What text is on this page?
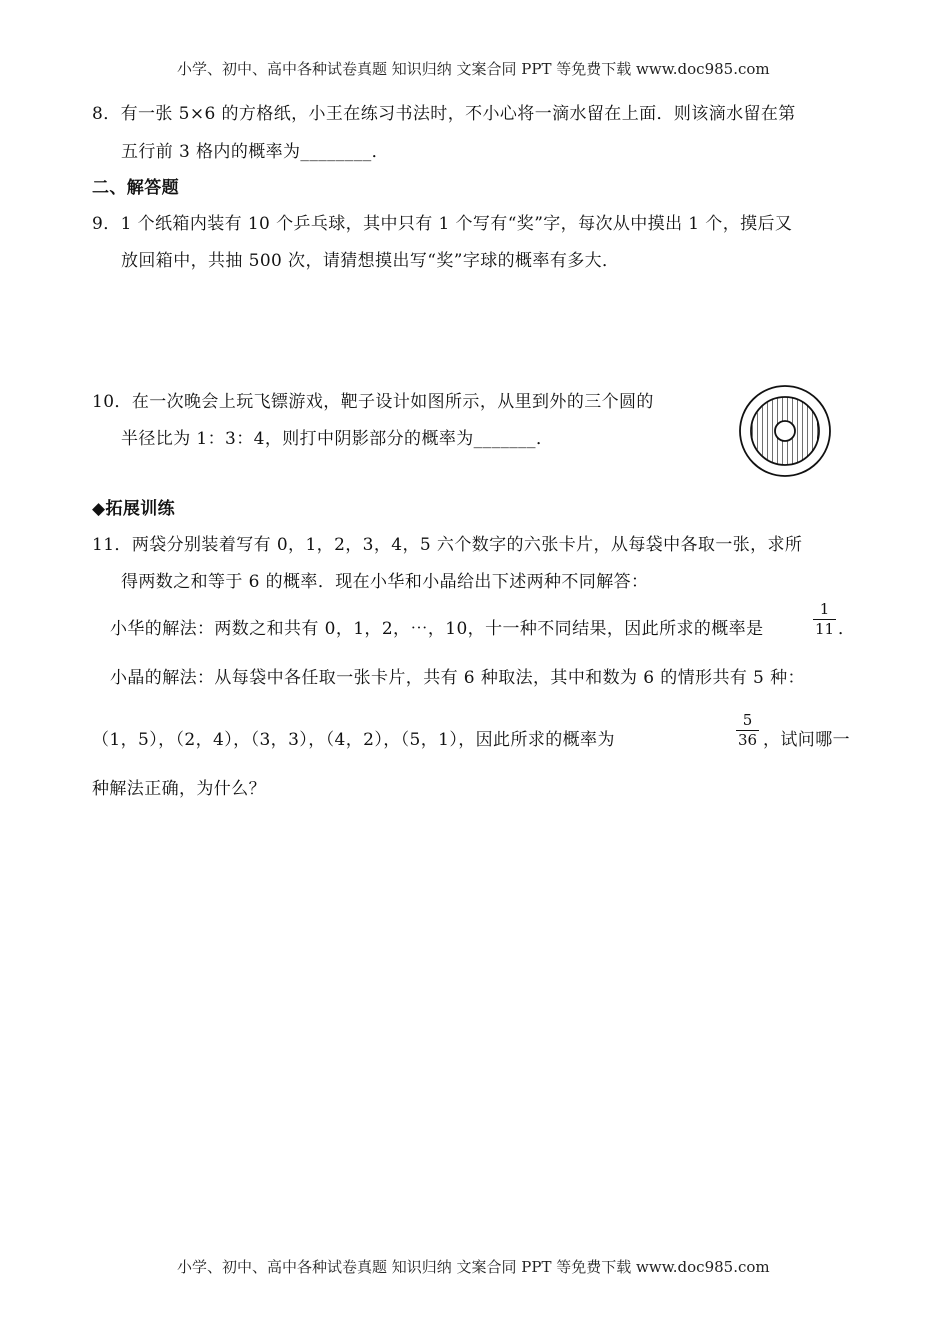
小学、初中、高中各种试卷真题 知识归纳 文案合同 PPT 等免费下载 www.doc985.com
8．有一张 5×6 的方格纸，小王在练习书法时，不小心将一滴水留在上面．则该滴水留在第
五行前 3 格内的概率为________．
二、解答题
9．1 个纸箱内装有 10 个乒乓球，其中只有 1 个写有“奖”字，每次从中摸出 1 个，摸后又
放回箱中，共抽 500 次，请猜想摸出写“奖”字球的概率有多大．
10．在一次晚会上玩飞镖游戏，靶子设计如图所示，从里到外的三个圆的
半径比为 1：3：4，则打中阴影部分的概率为_______．
◆拓展训练
11．两袋分别装着写有 0，1，2，3，4，5 六个数字的六张卡片，从每袋中各取一张，求所
得两数之和等于 6 的概率．现在小华和小晶给出下述两种不同解答：
小华的解法：两数之和共有 0，1，2，⋯，10，十一种不同结果，因此所求的概率是	$\frac{1}{11}$ ．
小晶的解法：从每袋中各任取一张卡片，共有 6 种取法，其中和数为 6 的情形共有 5 种：
（1，5），（2，4），（3，3），（4，2），（5，1），因此所求的概率为	$\frac{5}{36}$ ，试问哪一
种解法正确，为什么？
小学、初中、高中各种试卷真题 知识归纳 文案合同 PPT 等免费下载 www.doc985.com
